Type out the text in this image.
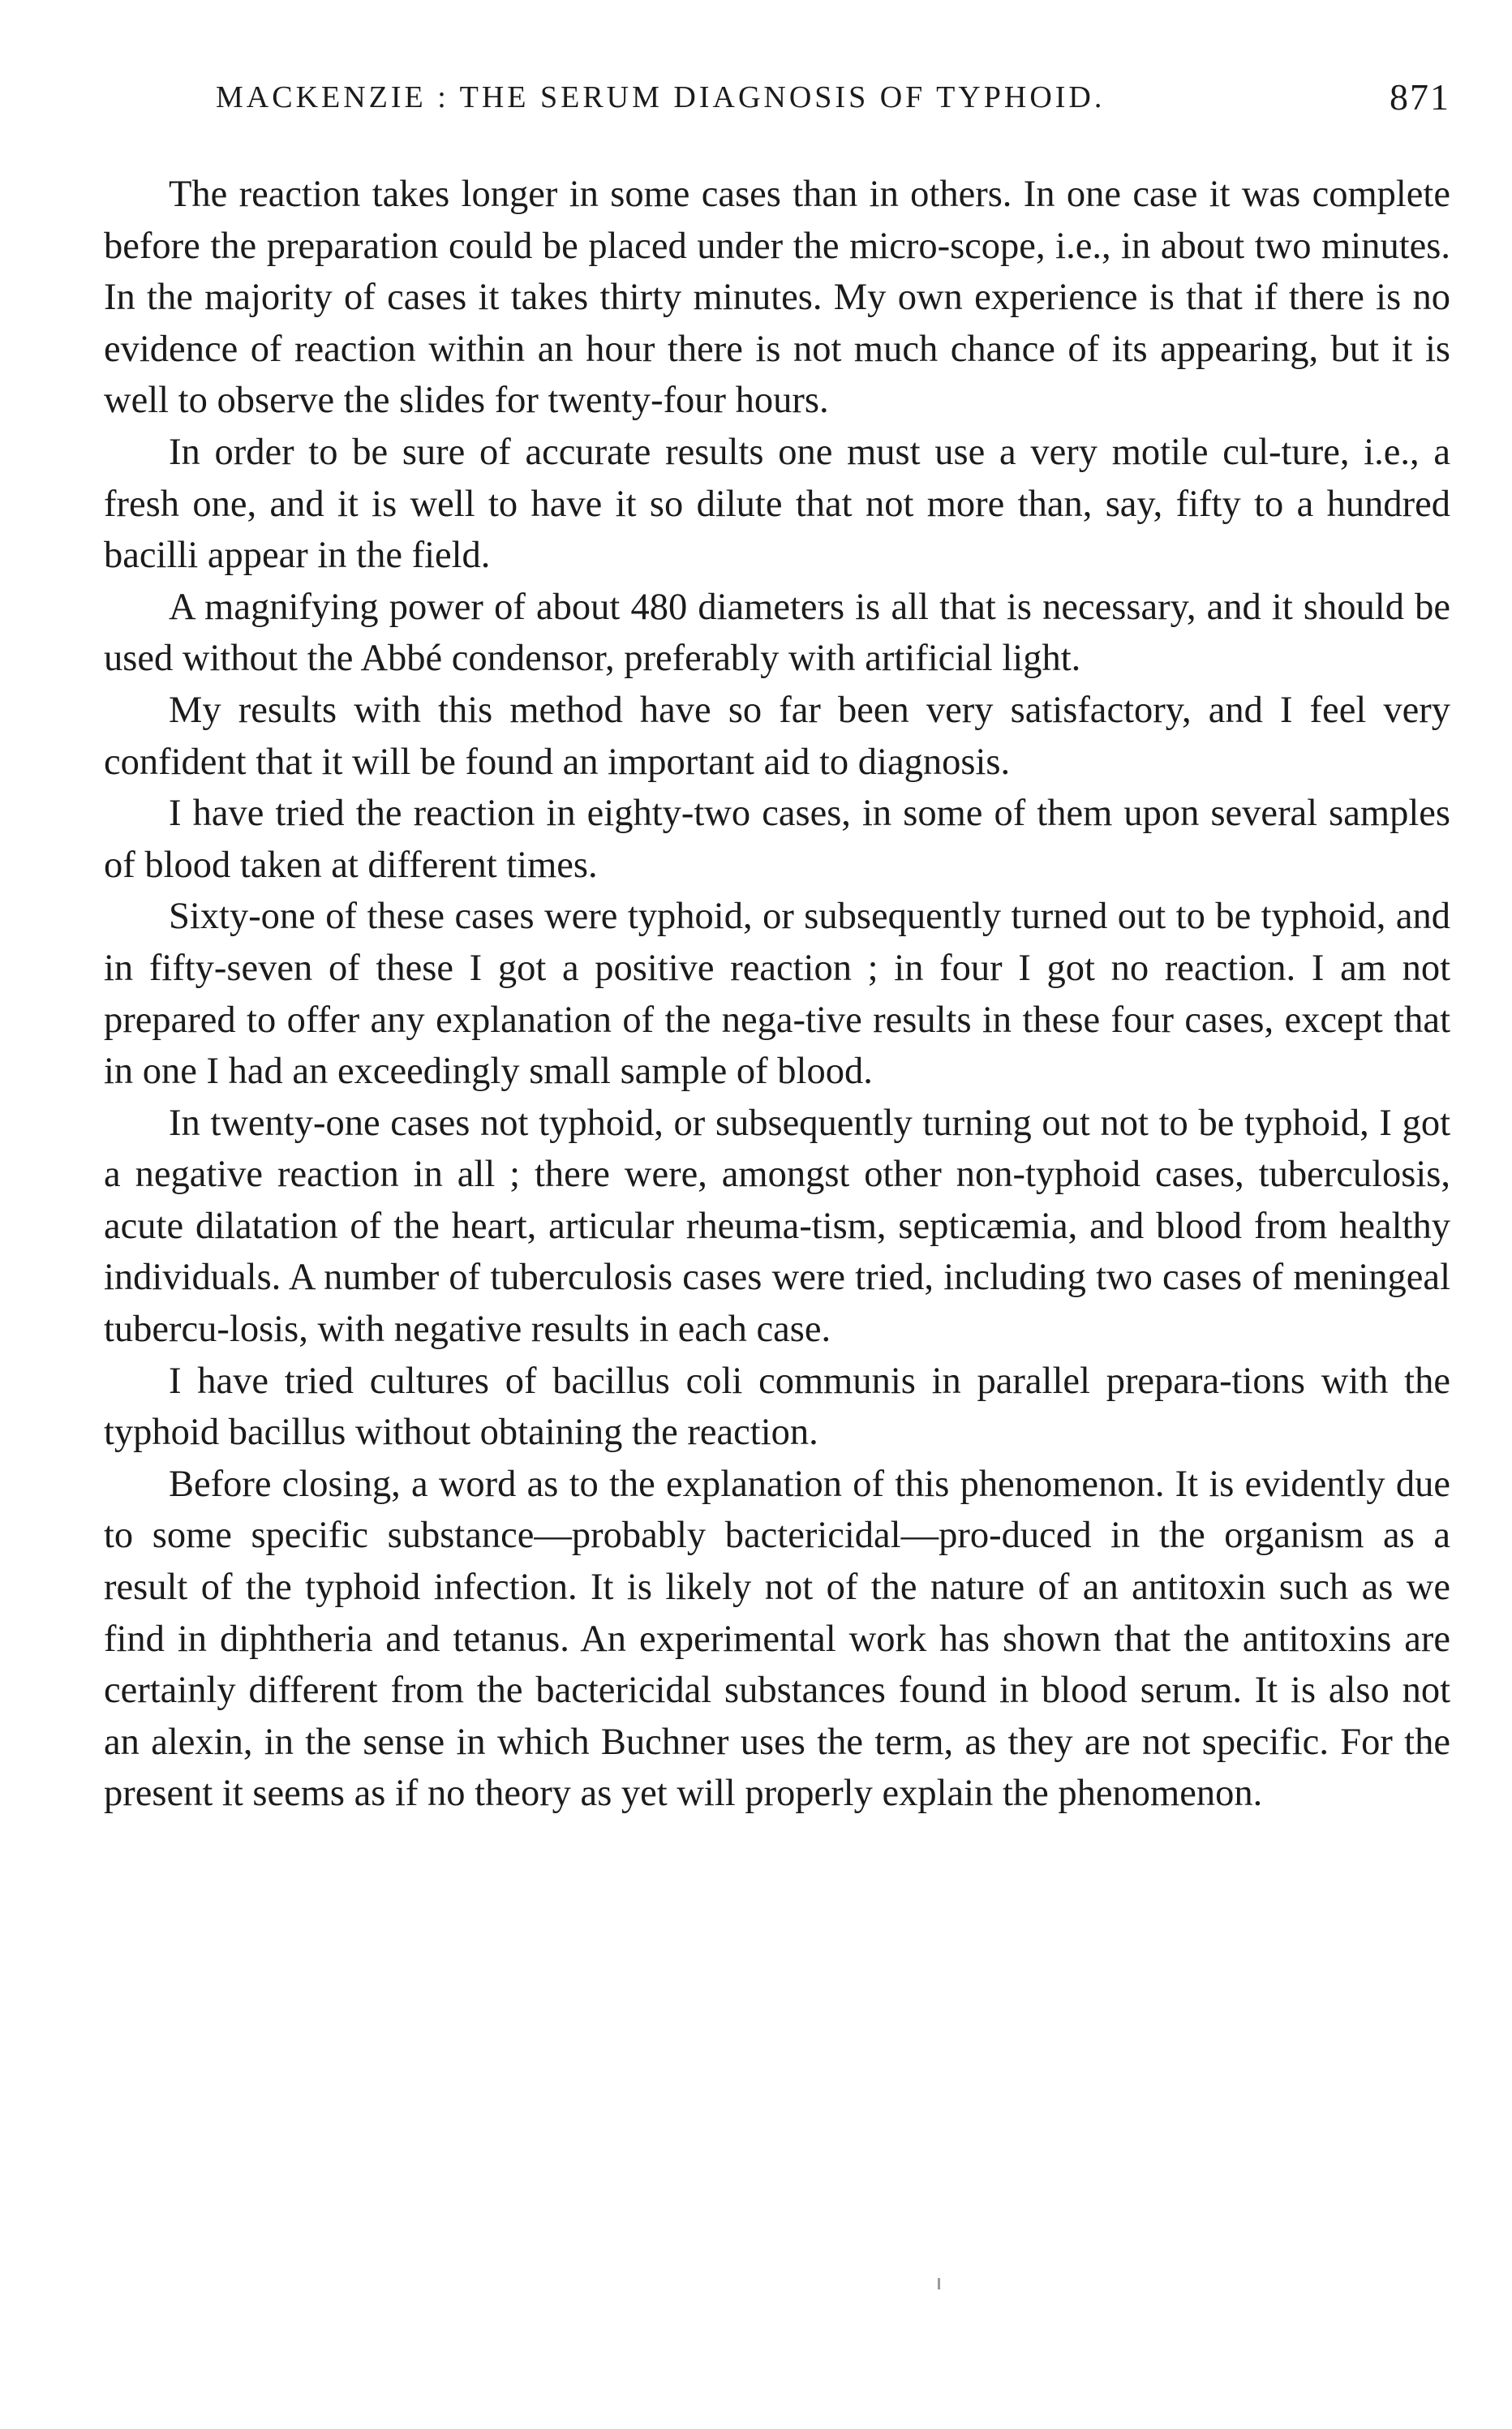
MACKENZIE : THE SERUM DIAGNOSIS OF TYPHOID.	871

The reaction takes longer in some cases than in others. In one case it was complete before the preparation could be placed under the micro-scope, i.e., in about two minutes. In the majority of cases it takes thirty minutes. My own experience is that if there is no evidence of reaction within an hour there is not much chance of its appearing, but it is well to observe the slides for twenty-four hours.

In order to be sure of accurate results one must use a very motile cul-ture, i.e., a fresh one, and it is well to have it so dilute that not more than, say, fifty to a hundred bacilli appear in the field.

A magnifying power of about 480 diameters is all that is necessary, and it should be used without the Abbé condensor, preferably with artificial light.

My results with this method have so far been very satisfactory, and I feel very confident that it will be found an important aid to diagnosis.

I have tried the reaction in eighty-two cases, in some of them upon several samples of blood taken at different times.

Sixty-one of these cases were typhoid, or subsequently turned out to be typhoid, and in fifty-seven of these I got a positive reaction ; in four I got no reaction. I am not prepared to offer any explanation of the nega-tive results in these four cases, except that in one I had an exceedingly small sample of blood.

In twenty-one cases not typhoid, or subsequently turning out not to be typhoid, I got a negative reaction in all ; there were, amongst other non-typhoid cases, tuberculosis, acute dilatation of the heart, articular rheuma-tism, septicæmia, and blood from healthy individuals. A number of tuberculosis cases were tried, including two cases of meningeal tubercu-losis, with negative results in each case.

I have tried cultures of bacillus coli communis in parallel prepara-tions with the typhoid bacillus without obtaining the reaction.

Before closing, a word as to the explanation of this phenomenon. It is evidently due to some specific substance—probably bactericidal—pro-duced in the organism as a result of the typhoid infection. It is likely not of the nature of an antitoxin such as we find in diphtheria and tetanus. An experimental work has shown that the antitoxins are certainly different from the bactericidal substances found in blood serum. It is also not an alexin, in the sense in which Buchner uses the term, as they are not specific. For the present it seems as if no theory as yet will properly explain the phenomenon.
